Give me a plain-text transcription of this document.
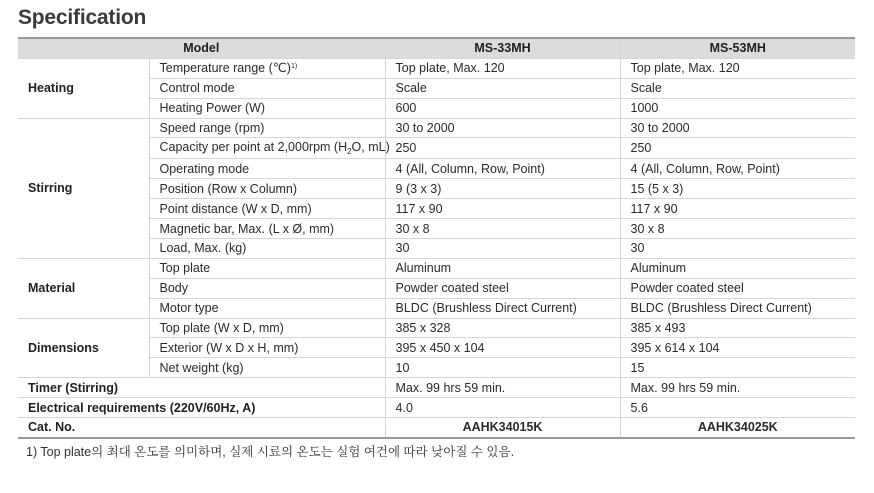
Specification
Model		MS-33MH	MS-53MH
Heating	Temperature range (℃)$^{1)}$	Top plate, Max. 120	Top plate, Max. 120
	Control mode	Scale	Scale
	Heating Power (W)	600	1000
Stirring	Speed range (rpm)	30 to 2000	30 to 2000
	Capacity per point at 2,000rpm ($H_2O$, mL)	250	250
	Operating mode	4 (All, Column, Row, Point)	4 (All, Column, Row, Point)
	Position (Row x Column)	9 (3 x 3)	15 (5 x 3)
	Point distance (W x D, mm)	117 x 90	117 x 90
	Magnetic bar, Max. (L x Ø, mm)	30 x 8	30 x 8
	Load, Max. (kg)	30	30
Material	Top plate	Aluminum	Aluminum
	Body	Powder coated steel	Powder coated steel
	Motor type	BLDC (Brushless Direct Current)	BLDC (Brushless Direct Current)
Dimensions	Top plate (W x D, mm)	385 x 328	385 x 493
	Exterior (W x D x H, mm)	395 x 450 x 104	395 x 614 x 104
	Net weight (kg)	10	15
Timer (Stirring)		Max. 99 hrs 59 min.	Max. 99 hrs 59 min.
Electrical requirements (220V/60Hz, A)		4.0	5.6
Cat. No.		AAHK34015K	AAHK34025K
1) Top plate의 최대 온도를 의미하며, 실제 시료의 온도는 실험 여건에 따라 낮아질 수 있음.
